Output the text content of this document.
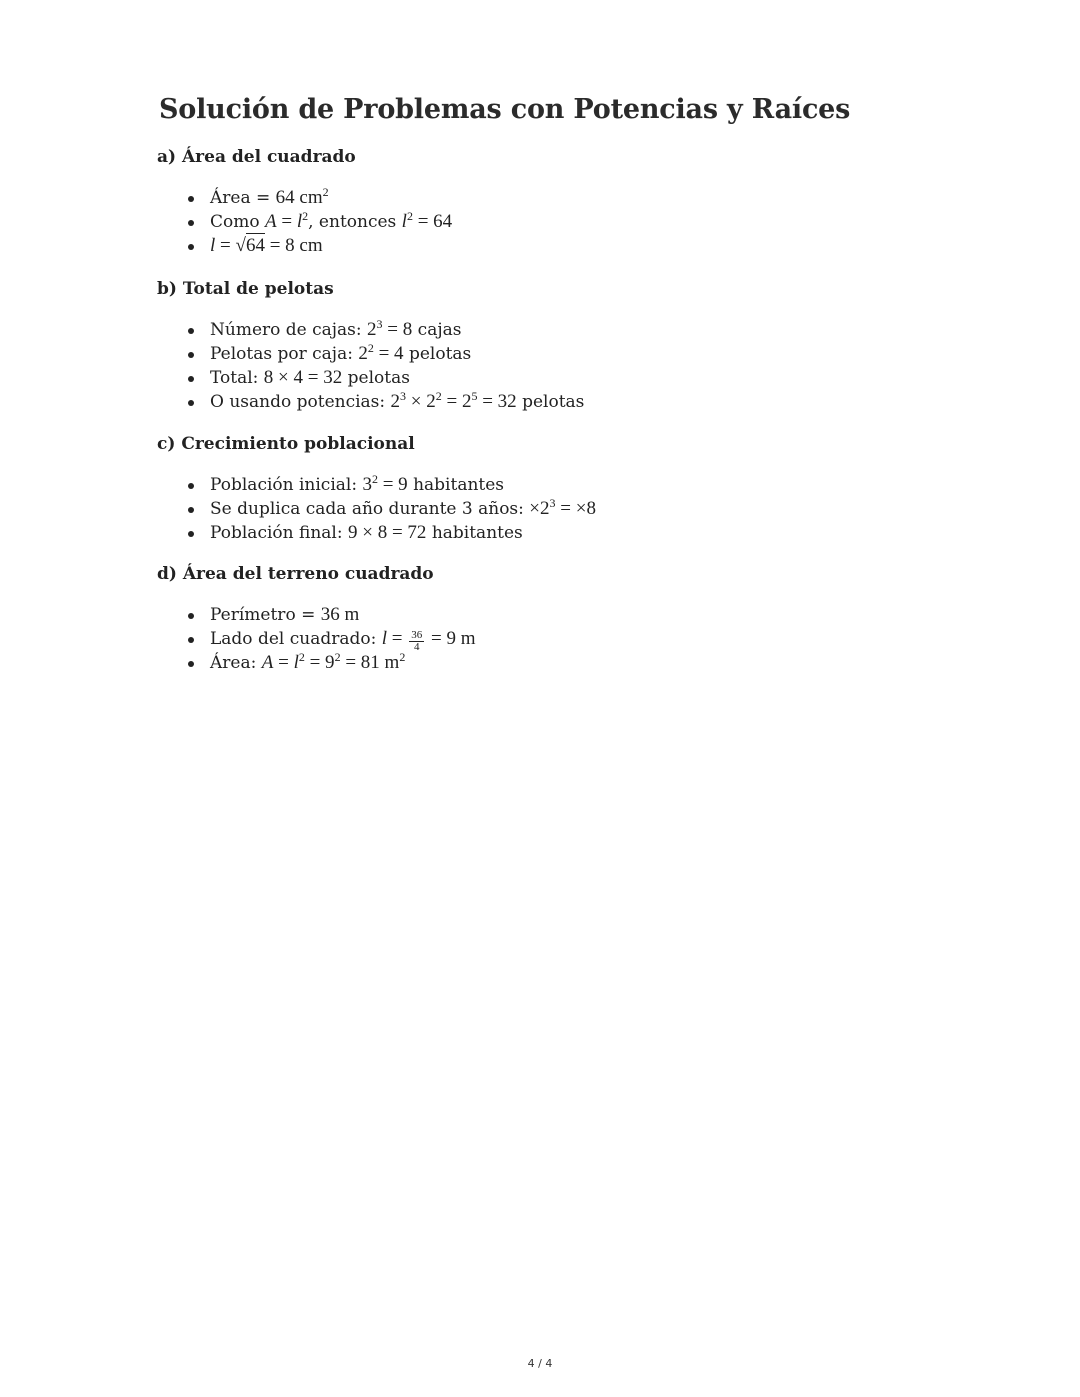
Solución de Problemas con Potencias y Raíces
a) Área del cuadrado
Área = 64 $cm^2$
Como $A = l^2$, entonces $l^2 = 64$
l = √64 = 8 cm
b) Total de pelotas
Número de cajas: $2^3 = 8$ cajas
Pelotas por caja: $2^2 = 4$ pelotas
Total: 8 × 4 = 32 pelotas
O usando potencias: $2^3 \times 2^2 = 2^5 = 32$ pelotas
c) Crecimiento poblacional
Población inicial: $3^2 = 9$ habitantes
Se duplica cada año durante 3 años: $\times 2^3 = \times 8$
Población final: 9 × 8 = 72 habitantes
d) Área del terreno cuadrado
Perímetro = 36 m
Lado del cuadrado: $l = \frac{36}{4} = 9$ m
Área: $A = l^2 = 9^2 = 81$ $m^2$
4 / 4
